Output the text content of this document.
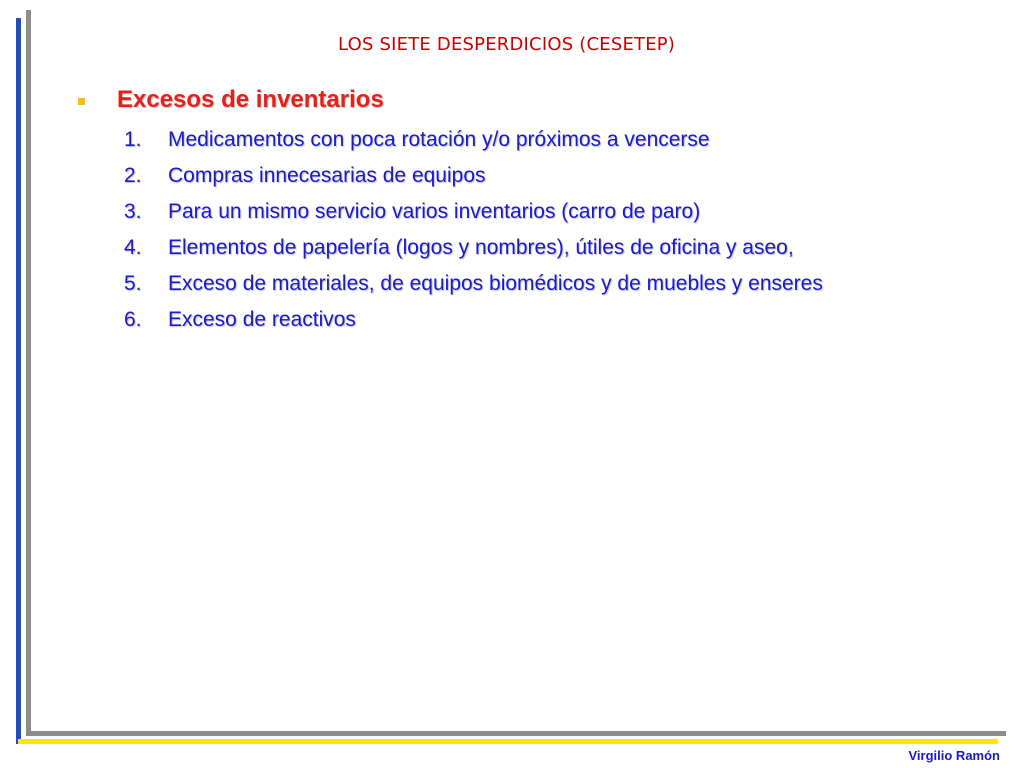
LOS SIETE DESPERDICIOS (CESETEP)
Excesos de inventarios
1.	Medicamentos con poca rotación y/o próximos a vencerse
2.	Compras innecesarias de equipos
3.	Para un mismo servicio varios inventarios (carro de paro)
4.	Elementos de papelería (logos y nombres), útiles de oficina y aseo,
5.	Exceso de materiales, de equipos biomédicos y de muebles y enseres
6.	Exceso de reactivos
Virgilio Ramón
